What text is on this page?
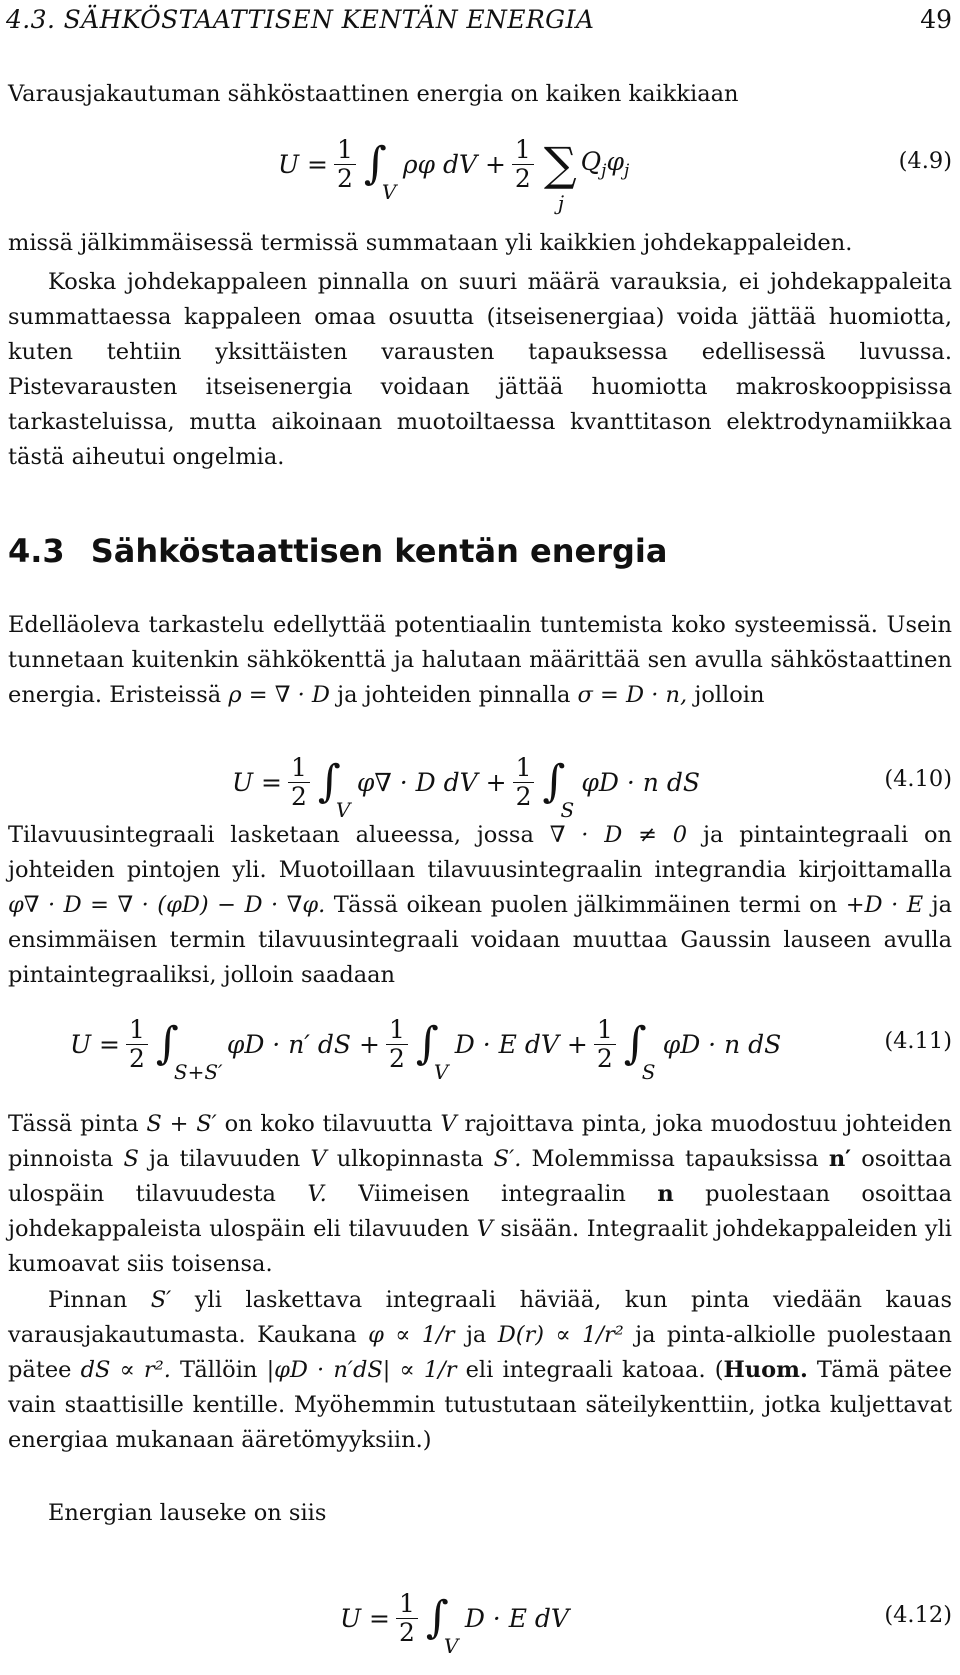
4.3. SÄHKÖSTAATTISEN KENTÄN ENERGIA	49
Varausjakautuman sähköstaattinen energia on kaiken kaikkiaan
$U = \frac{1}{2}$ ∫
V
ρφ dV + $\frac{1}{2}$ ∑
j
$Q_j\varphi_j$	(4.9)
missä jälkimmäisessä termissä summataan yli kaikkien johdekappaleiden.
Koska johdekappaleen pinnalla on suuri määrä varauksia, ei johdekappaleita summattaessa kappaleen omaa osuutta (itseisenergiaa) voida jättää huomiotta, kuten tehtiin yksittäisten varausten tapauksessa edellisessä luvussa. Pistevarausten itseisenergia voidaan jättää huomiotta makroskooppisissa tarkasteluissa, mutta aikoinaan muotoiltaessa kvanttitason elektrodynamiikkaa tästä aiheutui ongelmia.
4.3 Sähköstaattisen kentän energia
Edelläoleva tarkastelu edellyttää potentiaalin tuntemista koko systeemissä. Usein tunnetaan kuitenkin sähkökenttä ja halutaan määrittää sen avulla sähköstaattinen energia. Eristeissä ρ = ∇ · D ja johteiden pinnalla σ = D · n, jolloin
$U = \frac{1}{2}$ ∫
V
φ∇ · D dV + $\frac{1}{2}$ ∫
S
φD · n dS	(4.10)
Tilavuusintegraali lasketaan alueessa, jossa ∇ · D ≠ 0 ja pintaintegraali on johteiden pintojen yli. Muotoillaan tilavuusintegraalin integrandia kirjoittamalla φ∇ · D = ∇ · (φD) − D · ∇φ. Tässä oikean puolen jälkimmäinen termi on +D · E ja ensimmäisen termin tilavuusintegraali voidaan muuttaa Gaussin lauseen avulla pintaintegraaliksi, jolloin saadaan
$U = \frac{1}{2}$ ∫
S+S′
φD · n′ dS + $\frac{1}{2}$ ∫
V
D · E dV + $\frac{1}{2}$ ∫
S
φD · n dS	(4.11)
Tässä pinta S + S′ on koko tilavuutta V rajoittava pinta, joka muodostuu johteiden pinnoista S ja tilavuuden V ulkopinnasta S′. Molemmissa tapauksissa n′ osoittaa ulospäin tilavuudesta V. Viimeisen integraalin n puolestaan osoittaa johdekappaleista ulospäin eli tilavuuden V sisään. Integraalit johdekappaleiden yli kumoavat siis toisensa.
Pinnan S′ yli laskettava integraali häviää, kun pinta viedään kauas varausjakautumasta. Kaukana φ ∝ 1/r ja D(r) ∝ 1/r² ja pinta-alkiolle puolestaan pätee dS ∝ r². Tällöin |φD · n′dS| ∝ 1/r eli integraali katoaa. (Huom. Tämä pätee vain staattisille kentille. Myöhemmin tutustutaan säteilykenttiin, jotka kuljettavat energiaa mukanaan ääretömyyksiin.)
Energian lauseke on siis
$U = \frac{1}{2}$ ∫
V
D · E dV	(4.12)
